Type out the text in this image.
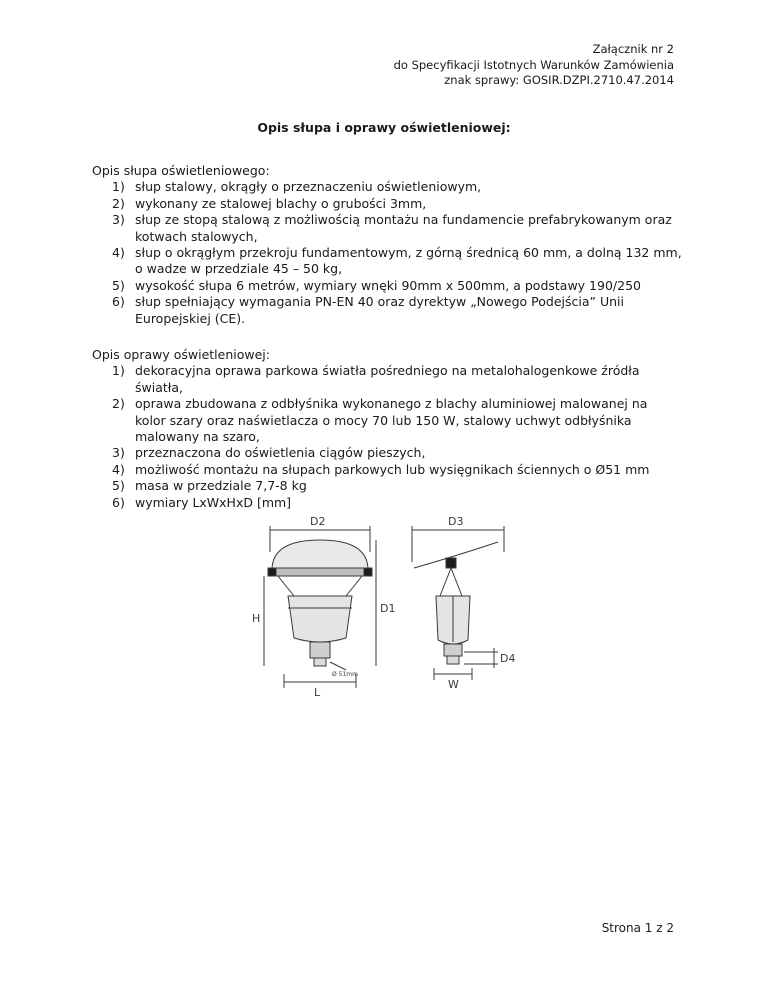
Załącznik nr 2
do Specyfikacji Istotnych Warunków Zamówienia
znak sprawy: GOSIR.DZPI.2710.47.2014
Opis słupa i oprawy oświetleniowej:

Opis słupa oświetleniowego:

1) słup stalowy, okrągły o przeznaczeniu oświetleniowym,
2) wykonany ze stalowej blachy o grubości 3mm,
3) słup ze stopą stalową z możliwością montażu na fundamencie prefabrykowanym oraz kotwach stalowych,
4) słup o okrągłym przekroju fundamentowym, z górną średnicą 60 mm, a dolną 132 mm, o wadze w przedziale 45 – 50 kg,
5) wysokość słupa 6 metrów, wymiary wnęki 90mm x 500mm, a podstawy 190/250
6) słup spełniający wymagania PN-EN 40 oraz dyrektyw „Nowego Podejścia” Unii Europejskiej (CE).

Opis oprawy oświetleniowej:

1) dekoracyjna oprawa parkowa światła pośredniego na metalohalogenkowe źródła światła,
2) oprawa zbudowana z odbłyśnika wykonanego z blachy aluminiowej malowanej na kolor szary oraz naświetlacza o mocy 70 lub 150 W, stalowy uchwyt odbłyśnika malowany na szaro,
3) przeznaczona do oświetlenia ciągów pieszych,
4) możliwość montażu na słupach parkowych lub wysięgnikach ściennych o Ø51 mm
5) masa w przedziale 7,7-8 kg
6) wymiary LxWxHxD [mm]
D2	D3
D1
H
D4
L
W
Ø 51mm
Strona 1 z 2
